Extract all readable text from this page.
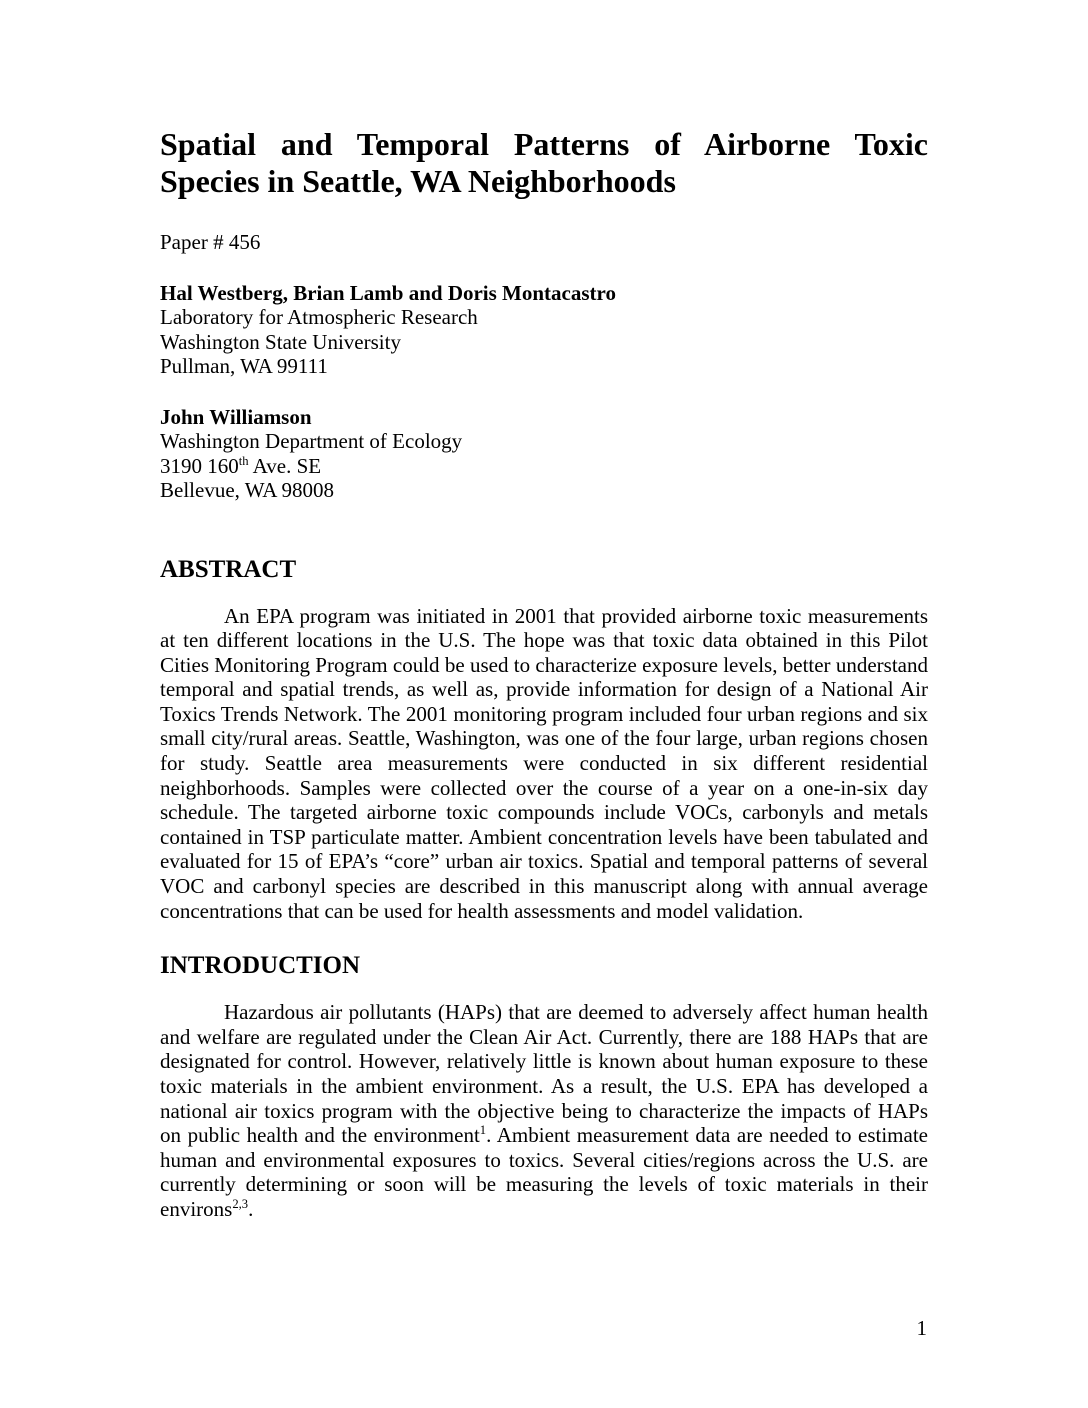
Spatial and Temporal Patterns of Airborne Toxic
Species in Seattle, WA Neighborhoods
Paper # 456
Hal Westberg, Brian Lamb and Doris Montacastro
Laboratory for Atmospheric Research
Washington State University
Pullman, WA 99111
John Williamson
Washington Department of Ecology
3190 160th Ave. SE
Bellevue, WA 98008
ABSTRACT

An EPA program was initiated in 2001 that provided airborne toxic measurements at ten different locations in the U.S. The hope was that toxic data obtained in this Pilot Cities Monitoring Program could be used to characterize exposure levels, better understand temporal and spatial trends, as well as, provide information for design of a National Air Toxics Trends Network. The 2001 monitoring program included four urban regions and six small city/rural areas. Seattle, Washington, was one of the four large, urban regions chosen for study. Seattle area measurements were conducted in six different residential neighborhoods. Samples were collected over the course of a year on a one-in-six day schedule. The targeted airborne toxic compounds include VOCs, carbonyls and metals contained in TSP particulate matter. Ambient concentration levels have been tabulated and evaluated for 15 of EPA’s “core” urban air toxics. Spatial and temporal patterns of several VOC and carbonyl species are described in this manuscript along with annual average concentrations that can be used for health assessments and model validation.

INTRODUCTION

Hazardous air pollutants (HAPs) that are deemed to adversely affect human health and welfare are regulated under the Clean Air Act. Currently, there are 188 HAPs that are designated for control. However, relatively little is known about human exposure to these toxic materials in the ambient environment. As a result, the U.S. EPA has developed a national air toxics program with the objective being to characterize the impacts of HAPs on public health and the environment$^1$. Ambient measurement data are needed to estimate human and environmental exposures to toxics. Several cities/regions across the U.S. are currently determining or soon will be measuring the levels of toxic materials in their environs$^{2,3}$.

1
